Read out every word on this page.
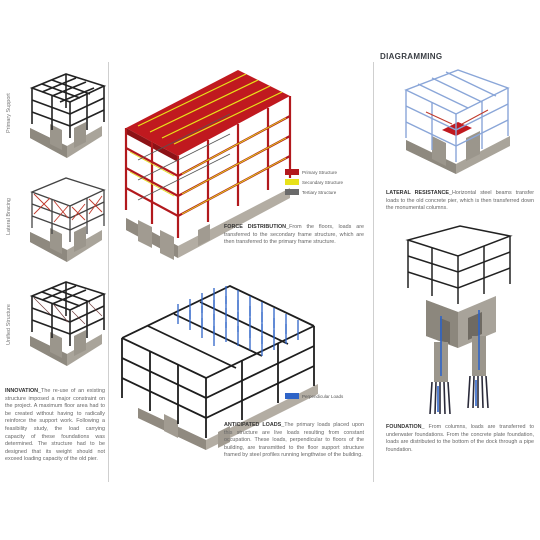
DIAGRAMMING
Primary Support
Lateral Bracing
Unified Structure
INNOVATION_The re-use of an existing structure imposed a major constraint on the project. A maximum floor area had to be created without having to radically reinforce the support work. Following a feasibility study, the load carrying capacity of these foundations was determined. The structure had to be designed that its weight should not exceed loading capacity of the old pier.
Primary Structure
Secondary Structure
Tertiary Structure
FORCE DISTRIBUTION_From the floors, loads are transferred to the secondary frame structure, which are then transferred to the primary frame structure.
Perpendicular Loads
ANTICIPATED LOADS_The primary loads placed upon this structure are live loads resulting from constant occupation. These loads, perpendicular to floors of the building, are transmitted to the floor support structure framed by steel profiles running lengthwise of the building.
LATERAL RESISTANCE_Horizontal steel beams transfer loads to the old concrete pier, which is then transferred down the monumental columns.
FOUNDATION_ From columns, loads are transferred to underwater foundations. From the concrete plate foundation, loads are distributed to the bottom of the dock through a pipe foundation.
